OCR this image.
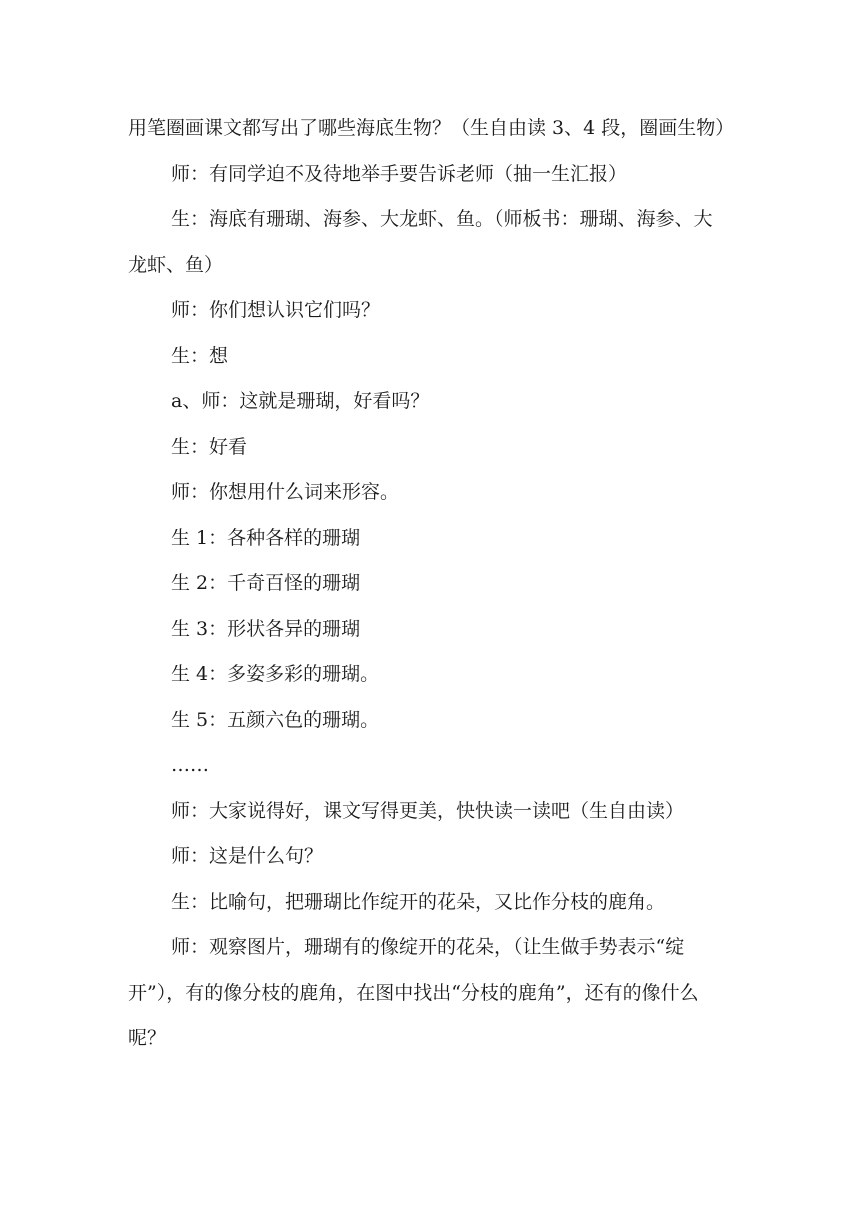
用笔圈画课文都写出了哪些海底生物？（生自由读 3、4 段，圈画生物）

师：有同学迫不及待地举手要告诉老师（抽一生汇报）

生：海底有珊瑚、海参、大龙虾、鱼。（师板书：珊瑚、海参、大龙虾、鱼）

师：你们想认识它们吗？

生：想

a、师：这就是珊瑚，好看吗？

生：好看

师：你想用什么词来形容。

生 1：各种各样的珊瑚

生 2：千奇百怪的珊瑚

生 3：形状各异的珊瑚

生 4：多姿多彩的珊瑚。

生 5：五颜六色的珊瑚。

……

师：大家说得好，课文写得更美，快快读一读吧（生自由读）

师：这是什么句？

生：比喻句，把珊瑚比作绽开的花朵，又比作分枝的鹿角。

师：观察图片，珊瑚有的像绽开的花朵，（让生做手势表示“绽开”），有的像分枝的鹿角，在图中找出“分枝的鹿角”，还有的像什么呢？
